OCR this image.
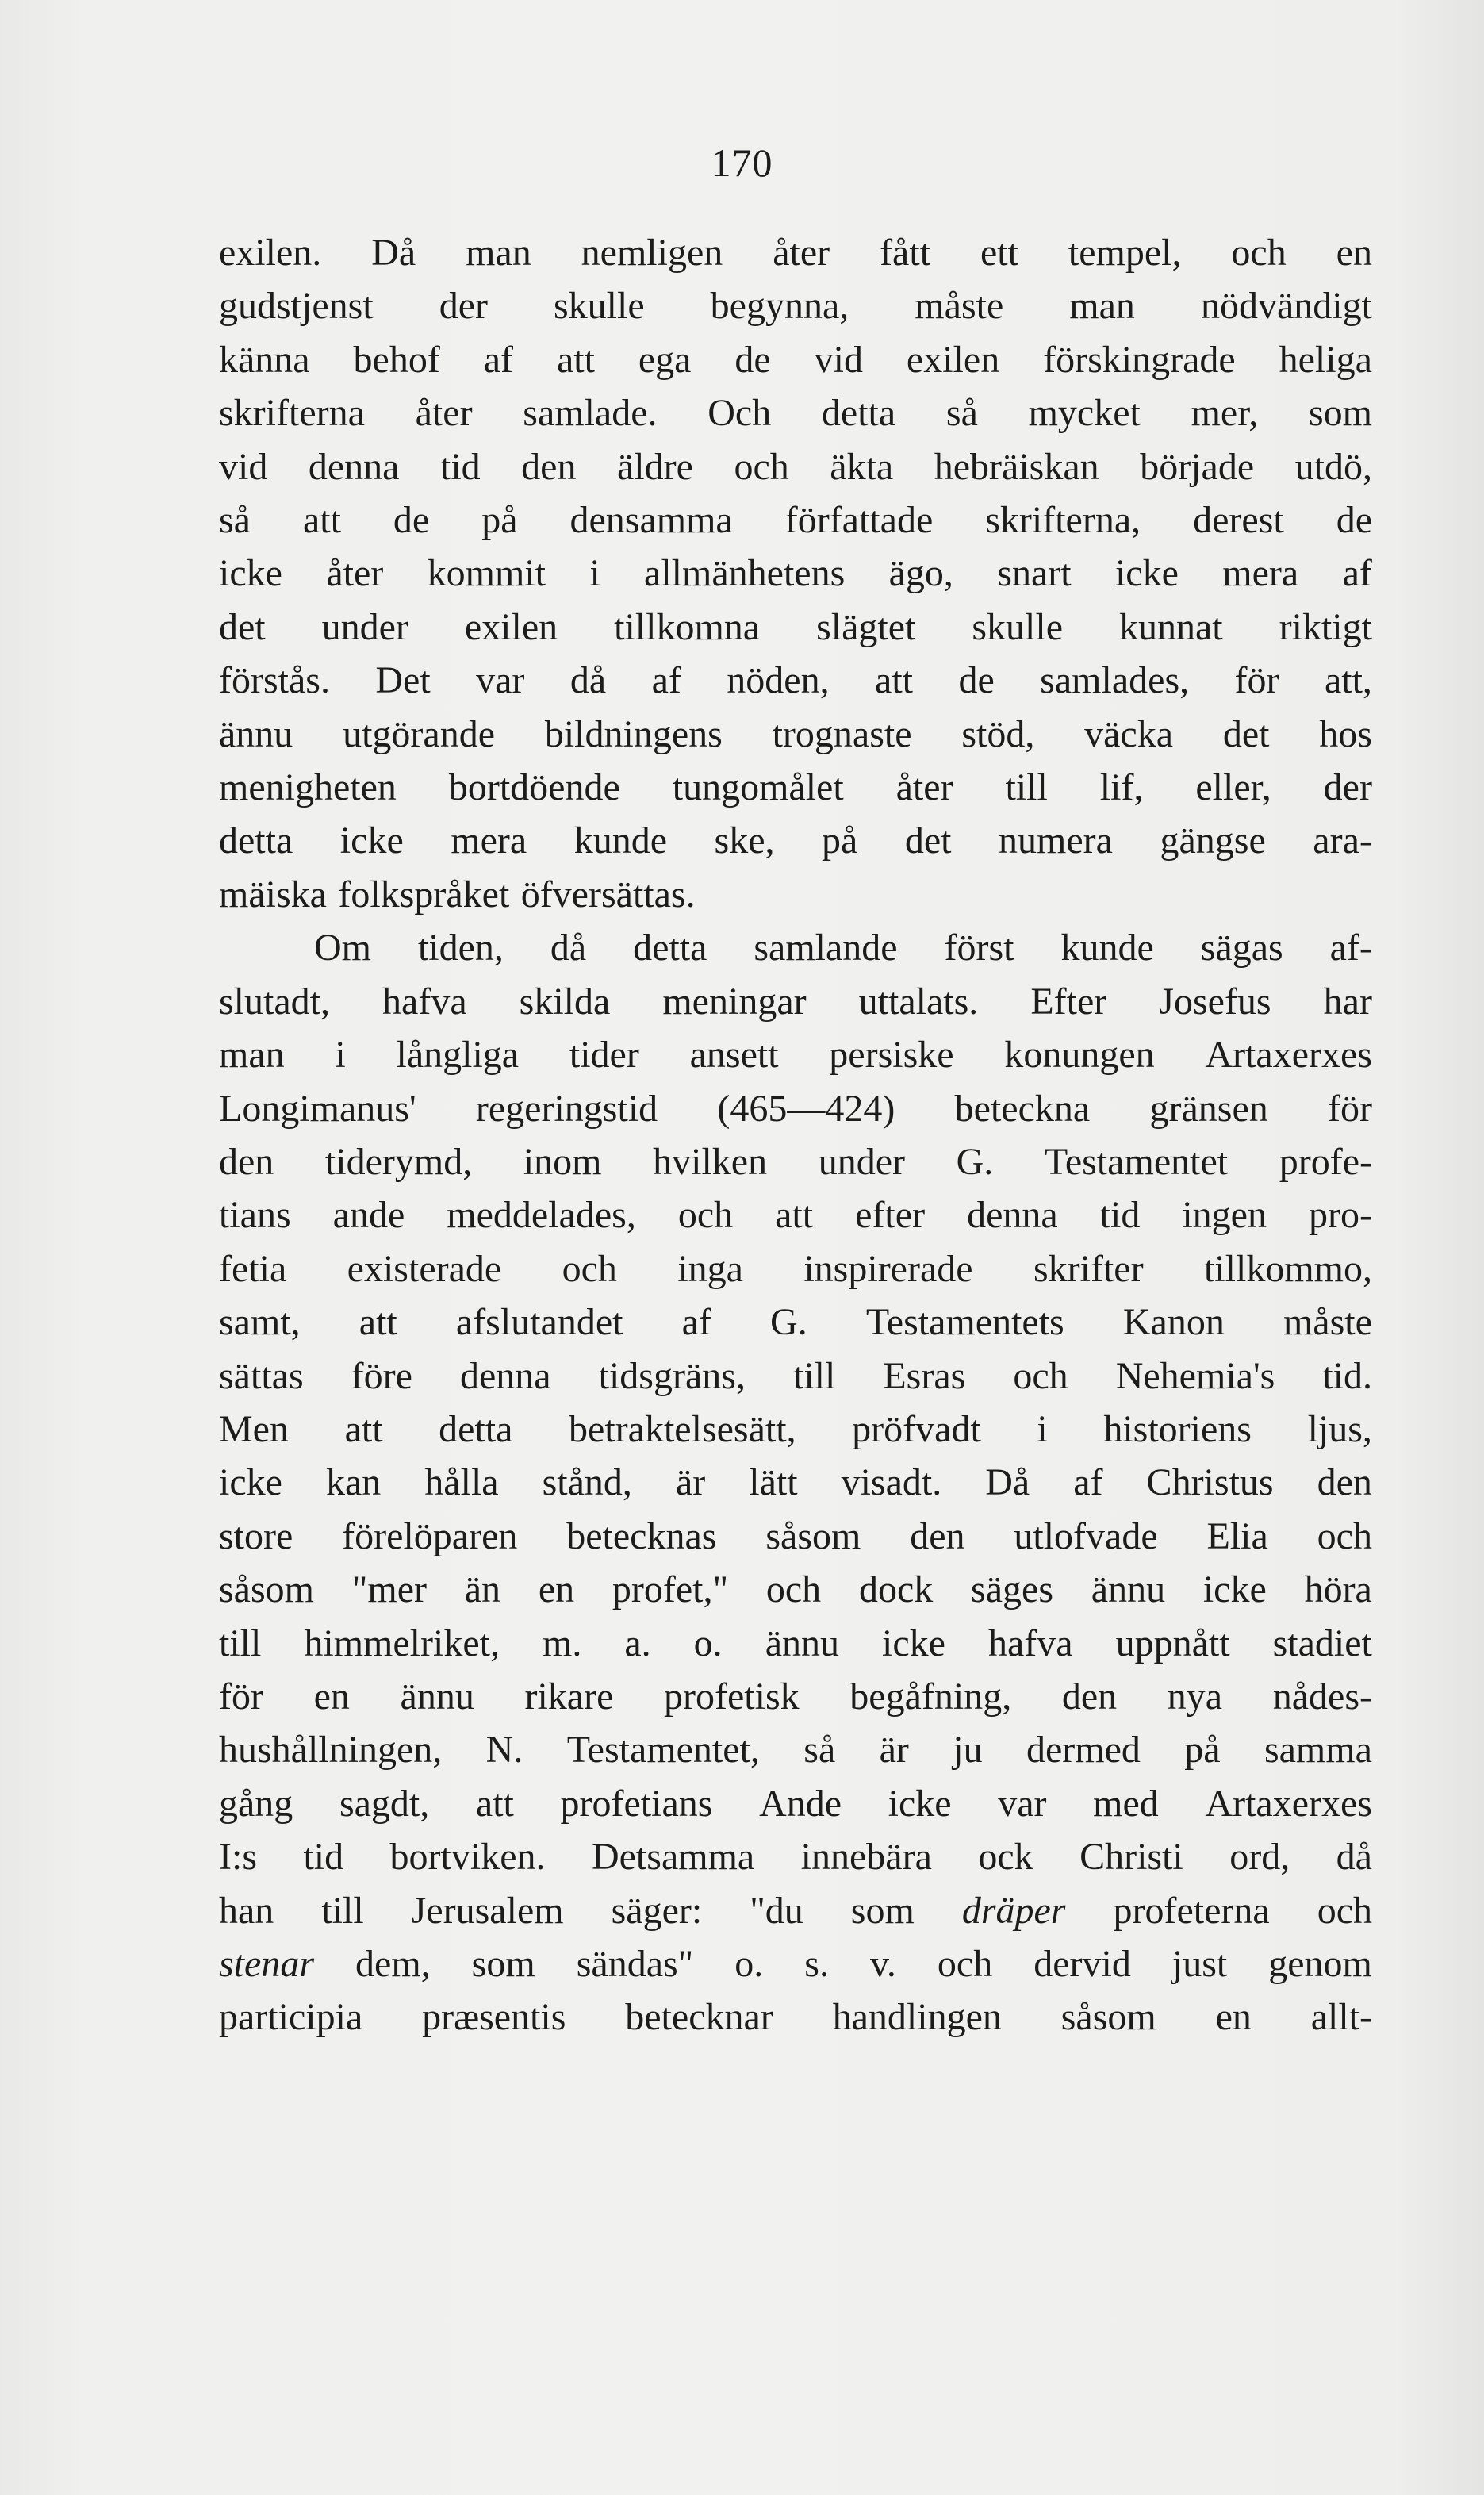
170
exilen. Då man nemligen åter fått ett tempel, och en
gudstjenst der skulle begynna, måste man nödvändigt
känna behof af att ega de vid exilen förskingrade heliga
skrifterna åter samlade. Och detta så mycket mer, som
vid denna tid den äldre och äkta hebräiskan började utdö,
så att de på densamma författade skrifterna, derest de
icke åter kommit i allmänhetens ägo, snart icke mera af
det under exilen tillkomna slägtet skulle kunnat riktigt
förstås. Det var då af nöden, att de samlades, för att,
ännu utgörande bildningens trognaste stöd, väcka det hos
menigheten bortdöende tungomålet åter till lif, eller, der
detta icke mera kunde ske, på det numera gängse ara-
mäiska folkspråket öfversättas.
Om tiden, då detta samlande först kunde sägas af-
slutadt, hafva skilda meningar uttalats. Efter Josefus har
man i långliga tider ansett persiske konungen Artaxerxes
Longimanus' regeringstid (465—424) beteckna gränsen för
den tiderymd, inom hvilken under G. Testamentet profe-
tians ande meddelades, och att efter denna tid ingen pro-
fetia existerade och inga inspirerade skrifter tillkommo,
samt, att afslutandet af G. Testamentets Kanon måste
sättas före denna tidsgräns, till Esras och Nehemia's tid.
Men att detta betraktelsesätt, pröfvadt i historiens ljus,
icke kan hålla stånd, är lätt visadt. Då af Christus den
store förelöparen betecknas såsom den utlofvade Elia och
såsom "mer än en profet," och dock säges ännu icke höra
till himmelriket, m. a. o. ännu icke hafva uppnått stadiet
för en ännu rikare profetisk begåfning, den nya nådes-
hushållningen, N. Testamentet, så är ju dermed på samma
gång sagdt, att profetians Ande icke var med Artaxerxes
I:s tid bortviken. Detsamma innebära ock Christi ord, då
han till Jerusalem säger: "du som dräper profeterna och
stenar dem, som sändas" o. s. v. och dervid just genom
participia præsentis betecknar handlingen såsom en allt-
